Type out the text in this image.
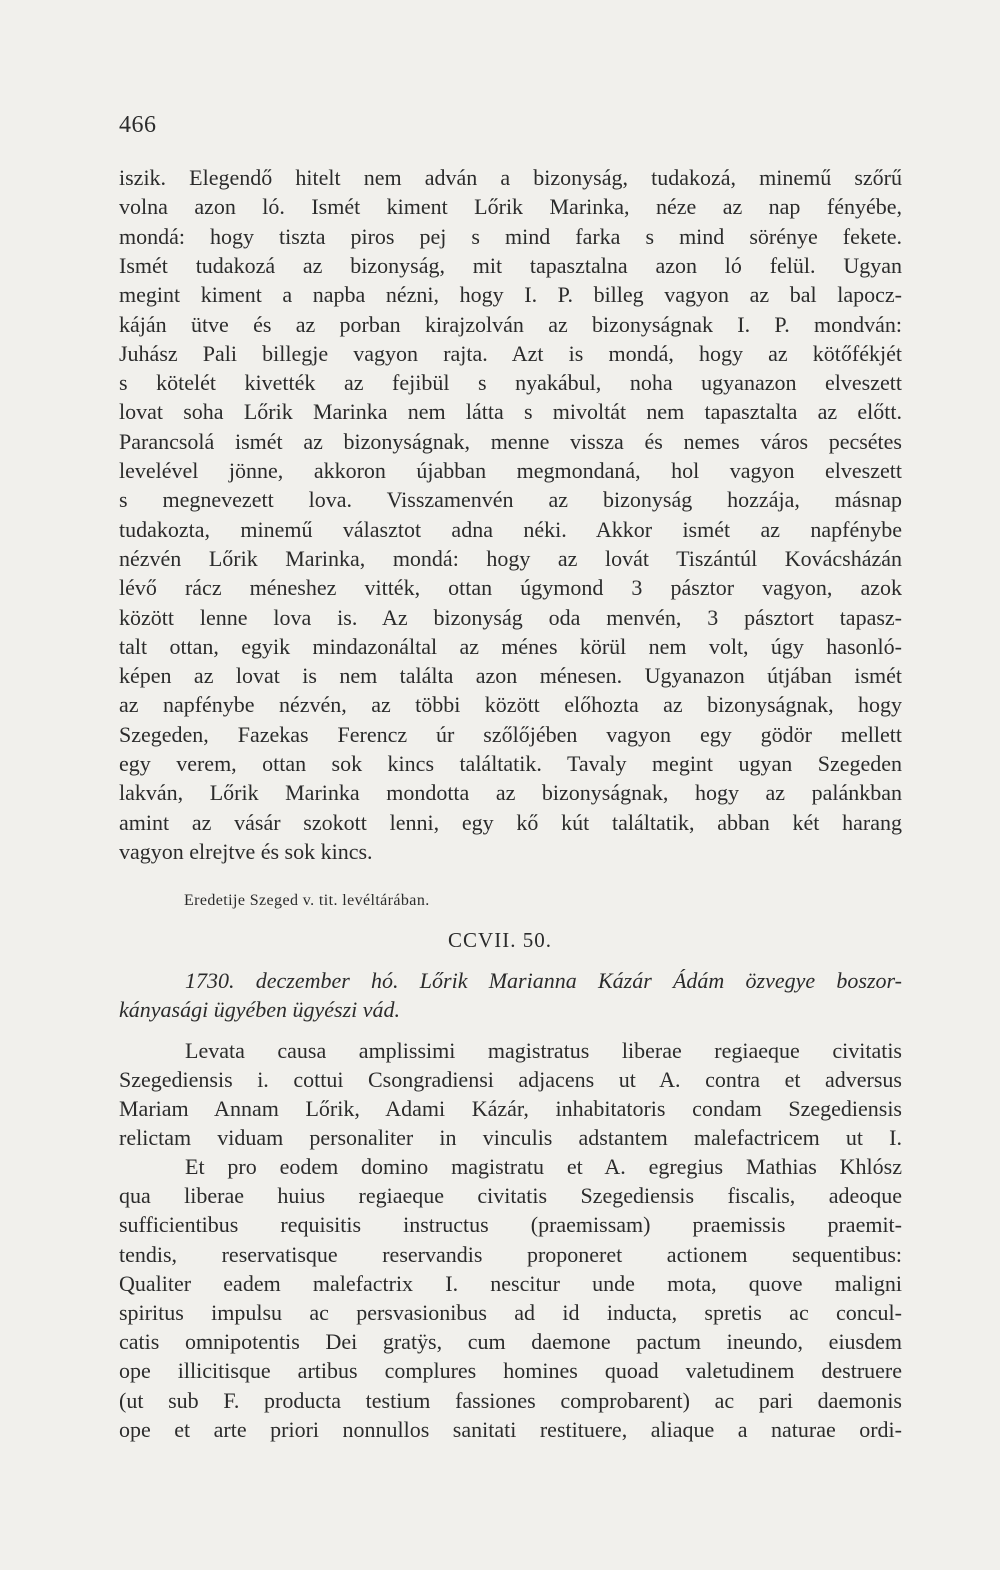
466
iszik. Elegendő hitelt nem adván a bizonyság, tudakozá, minemű szőrű
volna azon ló. Ismét kiment Lőrik Marinka, néze az nap fényébe,
mondá: hogy tiszta piros pej s mind farka s mind sörénye fekete.
Ismét tudakozá az bizonyság, mit tapasztalna azon ló felül. Ugyan
megint kiment a napba nézni, hogy I. P. billeg vagyon az bal lapocz-
káján ütve és az porban kirajzolván az bizonyságnak I. P. mondván:
Juhász Pali billegje vagyon rajta. Azt is mondá, hogy az kötőfékjét
s kötelét kivették az fejibül s nyakábul, noha ugyanazon elveszett
lovat soha Lőrik Marinka nem látta s mivoltát nem tapasztalta az előtt.
Parancsolá ismét az bizonyságnak, menne vissza és nemes város pecsétes
levelével jönne, akkoron újabban megmondaná, hol vagyon elveszett
s megnevezett lova. Visszamenvén az bizonyság hozzája, másnap
tudakozta, minemű választot adna néki. Akkor ismét az napfénybe
nézvén Lőrik Marinka, mondá: hogy az lovát Tiszántúl Kovácsházán
lévő rácz méneshez vitték, ottan úgymond 3 pásztor vagyon, azok
között lenne lova is. Az bizonyság oda menvén, 3 pásztort tapasz-
talt ottan, egyik mindazonáltal az ménes körül nem volt, úgy hasonló-
képen az lovat is nem találta azon ménesen. Ugyanazon útjában ismét
az napfénybe nézvén, az többi között előhozta az bizonyságnak, hogy
Szegeden, Fazekas Ferencz úr szőlőjében vagyon egy gödör mellett
egy verem, ottan sok kincs találtatik. Tavaly megint ugyan Szegeden
lakván, Lőrik Marinka mondotta az bizonyságnak, hogy az palánkban
amint az vásár szokott lenni, egy kő kút találtatik, abban két harang
vagyon elrejtve és sok kincs.
Eredetije Szeged v. tit. levéltárában.
CCVII. 50.
1730. deczember hó. Lőrik Marianna Kázár Ádám özvegye boszor-
kányasági ügyében ügyészi vád.
Levata causa amplissimi magistratus liberae regiaeque civitatis
Szegediensis i. cottui Csongradiensi adjacens ut A. contra et adversus
Mariam Annam Lőrik, Adami Kázár, inhabitatoris condam Szegediensis
relictam viduam personaliter in vinculis adstantem malefactricem ut I.
Et pro eodem domino magistratu et A. egregius Mathias Khlósz
qua liberae huius regiaeque civitatis Szegediensis fiscalis, adeoque
sufficientibus requisitis instructus (praemissam) praemissis praemit-
tendis, reservatisque reservandis proponeret actionem sequentibus:
Qualiter eadem malefactrix I. nescitur unde mota, quove maligni
spiritus impulsu ac persvasionibus ad id inducta, spretis ac concul-
catis omnipotentis Dei gratÿs, cum daemone pactum ineundo, eiusdem
ope illicitisque artibus complures homines quoad valetudinem destruere
(ut sub F. producta testium fassiones comprobarent) ac pari daemonis
ope et arte priori nonnullos sanitati restituere, aliaque a naturae ordi-
